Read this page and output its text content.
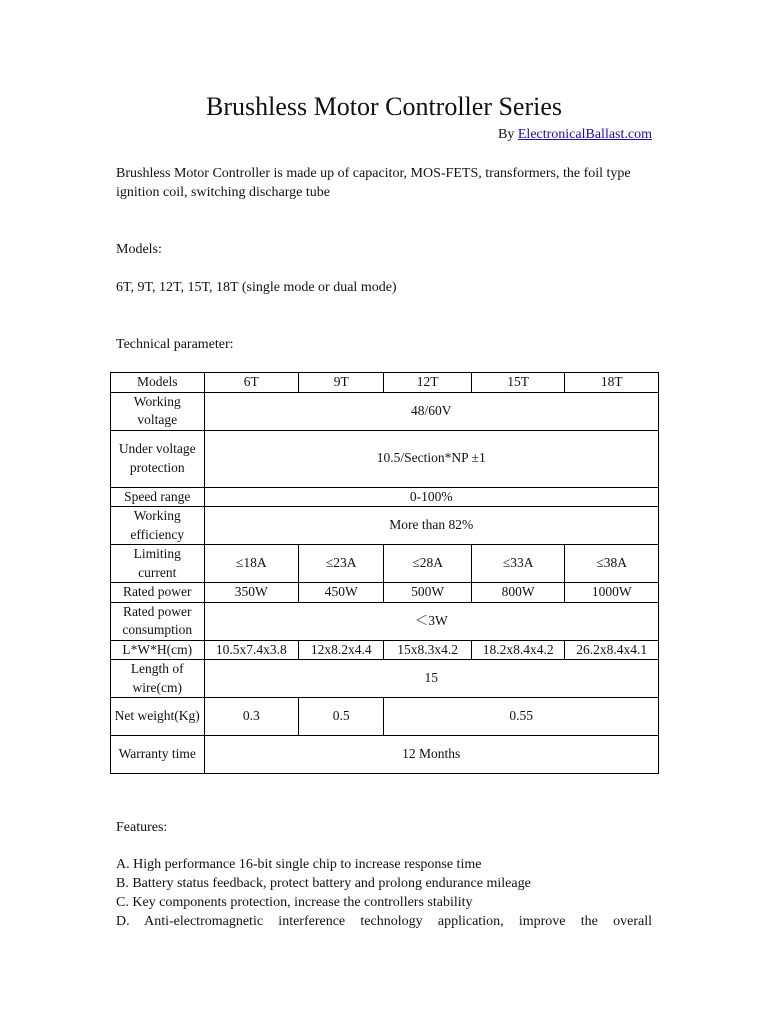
Brushless Motor Controller Series
By ElectronicalBallast.com
Brushless Motor Controller is made up of capacitor, MOS-FETS, transformers, the foil type ignition coil, switching discharge tube
Models:
6T, 9T, 12T, 15T, 18T (single mode or dual mode)
Technical parameter:
Models	6T	9T	12T	15T	18T
Working voltage	48/60V				
Under voltage protection	10.5/Section*NP ±1				
Speed range	0-100%				
Working efficiency	More than 82%				
Limiting current	≤18A	≤23A	≤28A	≤33A	≤38A
Rated power	350W	450W	500W	800W	1000W
Rated power consumption	＜3W				
L*W*H(cm)	10.5x7.4x3.8	12x8.2x4.4	15x8.3x4.2	18.2x8.4x4.2	26.2x8.4x4.1
Length of wire(cm)	15				
Net weight(Kg)	0.3	0.5	0.55		
Warranty time	12 Months				
Features:
A. High performance 16-bit single chip to increase response time
B. Battery status feedback, protect battery and prolong endurance mileage
C. Key components protection, increase the controllers stability
D. Anti-electromagnetic interference technology application, improve the overall
